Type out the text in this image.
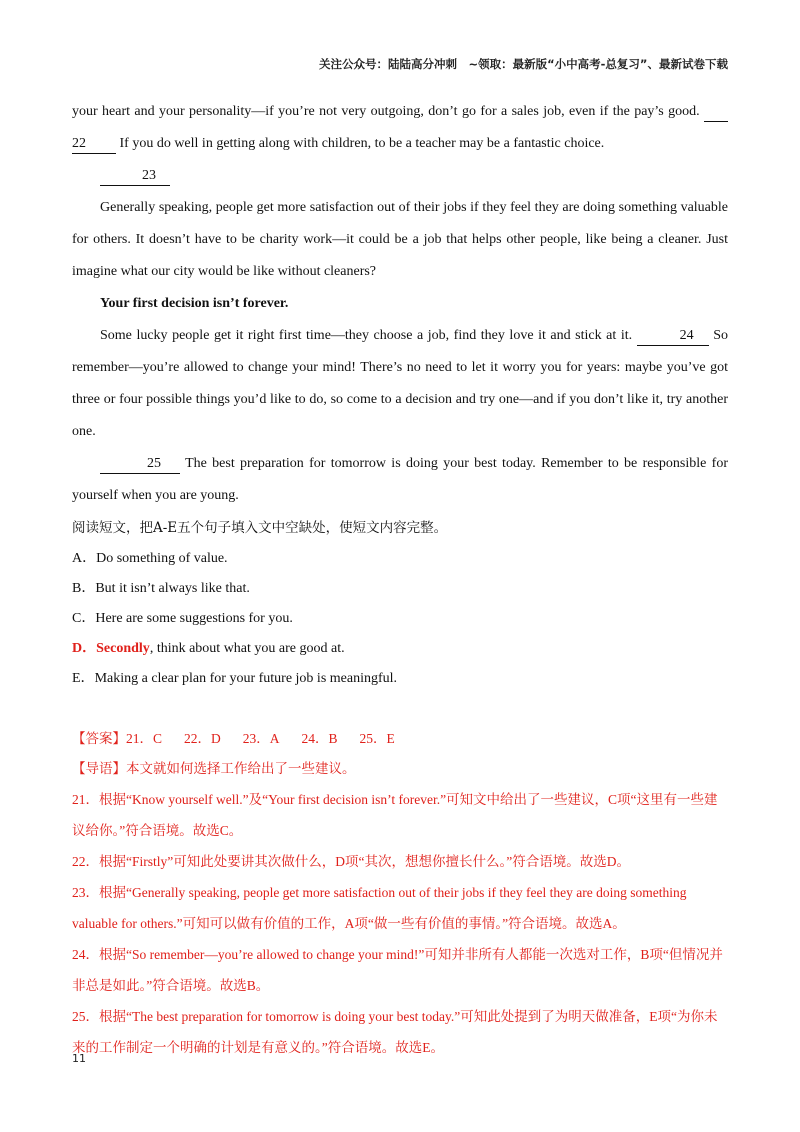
关注公众号：陆陆高分冲刺　~领取：最新版“小中高考-总复习”、最新试卷下载

your heart and your personality—if you’re not very outgoing, don’t go for a sales job, even if the pay’s good.   22 If you do well in getting along with children, to be a teacher may be a fantastic choice.

23

Generally speaking, people get more satisfaction out of their jobs if they feel they are doing something valuable for others. It doesn’t have to be charity work—it could be a job that helps other people, like being a cleaner. Just imagine what our city would be like without cleaners?

Your first decision isn’t forever.

Some lucky people get it right first time—they choose a job, find they love it and stick at it.	24 So remember—you’re allowed to change your mind! There’s no need to let it worry you for years: maybe you’ve got three or four possible things you’d like to do, so come to a decision and try one—and if you don’t like it, try another one.

25 The best preparation for tomorrow is doing your best today. Remember to be responsible for yourself when you are young.

阅读短文，把A-E五个句子填入文中空缺处，使短文内容完整。

A．Do something of value.

B．But it isn’t always like that.

C．Here are some suggestions for you.

D．Secondly, think about what you are good at.

E．Making a clear plan for your future job is meaningful.

【答案】21．C 22．D 23．A 24．B 25．E

【导语】本文就如何选择工作给出了一些建议。

21．根据“Know yourself well.”及“Your first decision isn’t forever.”可知文中给出了一些建议，C项“这里有一些建议给你。”符合语境。故选C。

22．根据“Firstly”可知此处要讲其次做什么，D项“其次，想想你擅长什么。”符合语境。故选D。

23．根据“Generally speaking, people get more satisfaction out of their jobs if they feel they are doing something valuable for others.”可知可以做有价值的工作，A项“做一些有价值的事情。”符合语境。故选A。

24．根据“So remember—you’re allowed to change your mind!”可知并非所有人都能一次选对工作，B项“但情况并非总是如此。”符合语境。故选B。

25．根据“The best preparation for tomorrow is doing your best today.”可知此处提到了为明天做准备，E项“为你未来的工作制定一个明确的计划是有意义的。”符合语境。故选E。

11
